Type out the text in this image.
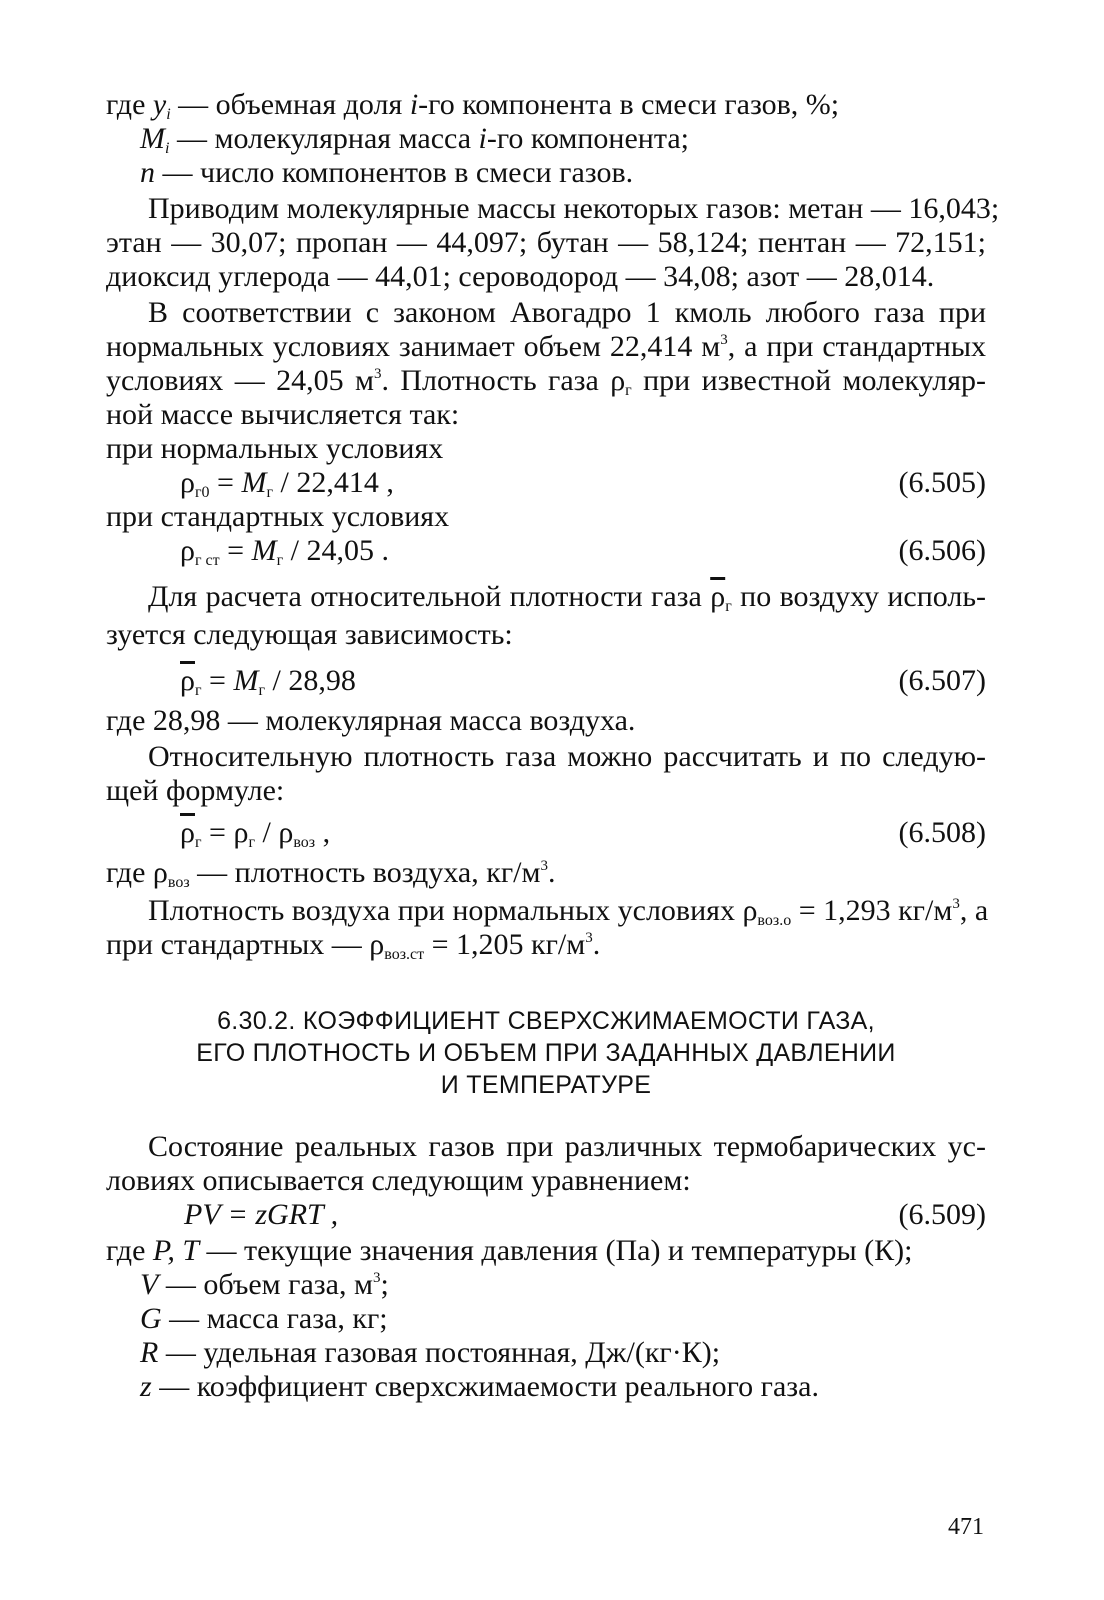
где $y_i$ — объемная доля i-го компонента в смеси газов, %;
$M_i$ — молекулярная масса i-го компонента;
n — число компонентов в смеси газов.
Приводим молекулярные массы некоторых газов: метан — 16,043;
этан — 30,07; пропан — 44,097; бутан — 58,124; пентан — 72,151;
диоксид углерода — 44,01; сероводород — 34,08; азот — 28,014.
В соответствии с законом Авогадро 1 кмоль любого газа при
нормальных условиях занимает объем 22,414 $м^3$, а при стандартных
условиях — 24,05 $м^3$. Плотность газа $\rho_г$ при известной молекуляр-
ной массе вычисляется так:
при нормальных условиях
$\rho_{г0} = M_г / 22,414$ ,	(6.505)
при стандартных условиях
$\rho_{г ст} = M_г / 24,05$ .	(6.506)
Для расчета относительной плотности газа $\overline{\rho}_г$ по воздуху исполь-
зуется следующая зависимость:
$\overline{\rho}_г = M_г / 28,98$	(6.507)
где 28,98 — молекулярная масса воздуха.
Относительную плотность газа можно рассчитать и по следую-
щей формуле:
$\overline{\rho}_г = \rho_г / \rho_{воз}$ ,	(6.508)
где $\rho_{воз}$ — плотность воздуха, $кг/м^3$.
Плотность воздуха при нормальных условиях $\rho_{воз.о} = 1,293$ $кг/м^3$, а
при стандартных — $\rho_{воз.ст} = 1,205$ $кг/м^3$.
6.30.2. КОЭФФИЦИЕНТ СВЕРХСЖИМАЕМОСТИ ГАЗА,
ЕГО ПЛОТНОСТЬ И ОБЪЕМ ПРИ ЗАДАННЫХ ДАВЛЕНИИ
И ТЕМПЕРАТУРЕ
Состояние реальных газов при различных термобарических ус-
ловиях описывается следующим уравнением:
PV = zGRT ,	(6.509)
где P, T — текущие значения давления (Па) и температуры (К);
V — объем газа, $м^3$;
G — масса газа, кг;
R — удельная газовая постоянная, Дж/(кг·К);
z — коэффициент сверхсжимаемости реального газа.
471
